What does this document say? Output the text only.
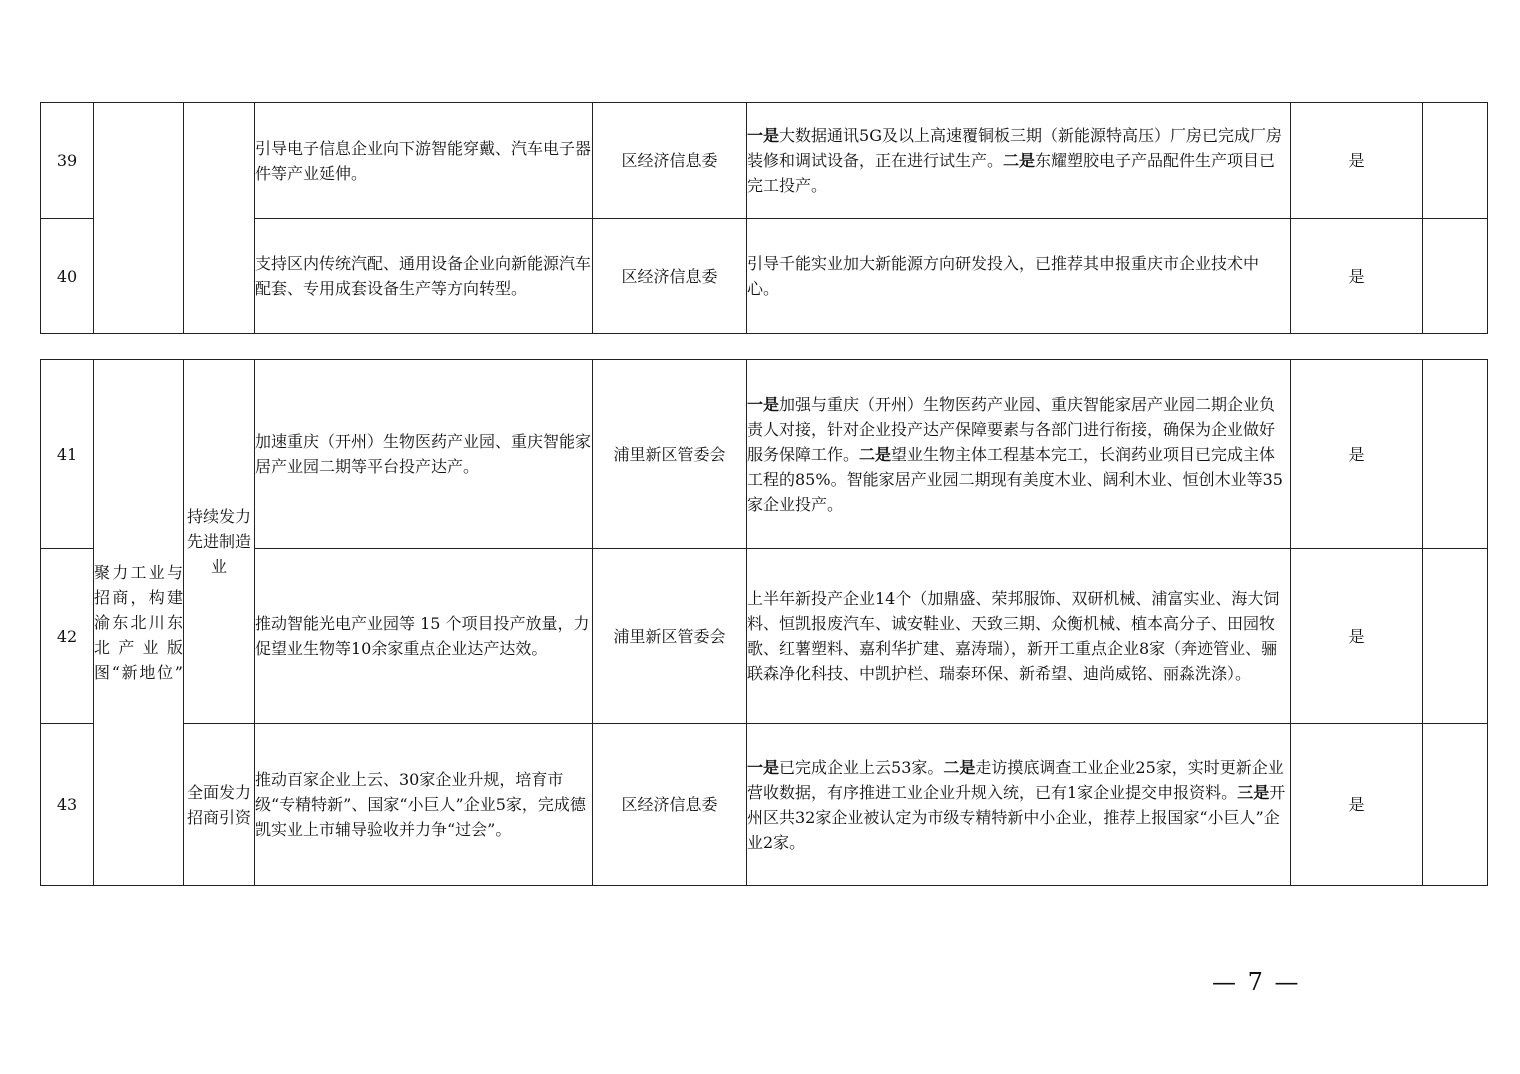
39			引导电子信息企业向下游智能穿戴、汽车电子器件等产业延伸。	区经济信息委	一是大数据通讯5G及以上高速覆铜板三期（新能源特高压）厂房已完成厂房装修和调试设备，正在进行试生产。二是东耀塑胶电子产品配件生产项目已完工投产。	是	
40			支持区内传统汽配、通用设备企业向新能源汽车配套、专用成套设备生产等方向转型。	区经济信息委	引导千能实业加大新能源方向研发投入，已推荐其申报重庆市企业技术中心。	是	
41	聚力工业与招商，构建渝东北川东北产业版图“新地位”	持续发力先进制造业	加速重庆（开州）生物医药产业园、重庆智能家居产业园二期等平台投产达产。	浦里新区管委会	一是加强与重庆（开州）生物医药产业园、重庆智能家居产业园二期企业负责人对接，针对企业投产达产保障要素与各部门进行衔接，确保为企业做好服务保障工作。二是望业生物主体工程基本完工，长润药业项目已完成主体工程的85%。智能家居产业园二期现有美度木业、阔利木业、恒创木业等35家企业投产。	是	
42			推动智能光电产业园等 15 个项目投产放量，力促望业生物等10余家重点企业达产达效。	浦里新区管委会	上半年新投产企业14个（加鼎盛、荣邦服饰、双研机械、浦富实业、海大饲料、恒凯报废汽车、诚安鞋业、天致三期、众衡机械、植本高分子、田园牧歌、红薯塑料、嘉利华扩建、嘉涛瑞），新开工重点企业8家（奔迹管业、骊联森净化科技、中凯护栏、瑞泰环保、新希望、迪尚威铭、丽淼洗涤）。	是	
43		全面发力招商引资	推动百家企业上云、30家企业升规，培育市级“专精特新”、国家“小巨人”企业5家，完成德凯实业上市辅导验收并力争“过会”。	区经济信息委	一是已完成企业上云53家。二是走访摸底调查工业企业25家，实时更新企业营收数据，有序推进工业企业升规入统，已有1家企业提交申报资料。三是开州区共32家企业被认定为市级专精特新中小企业，推荐上报国家“小巨人”企业2家。	是	
— 7 —
